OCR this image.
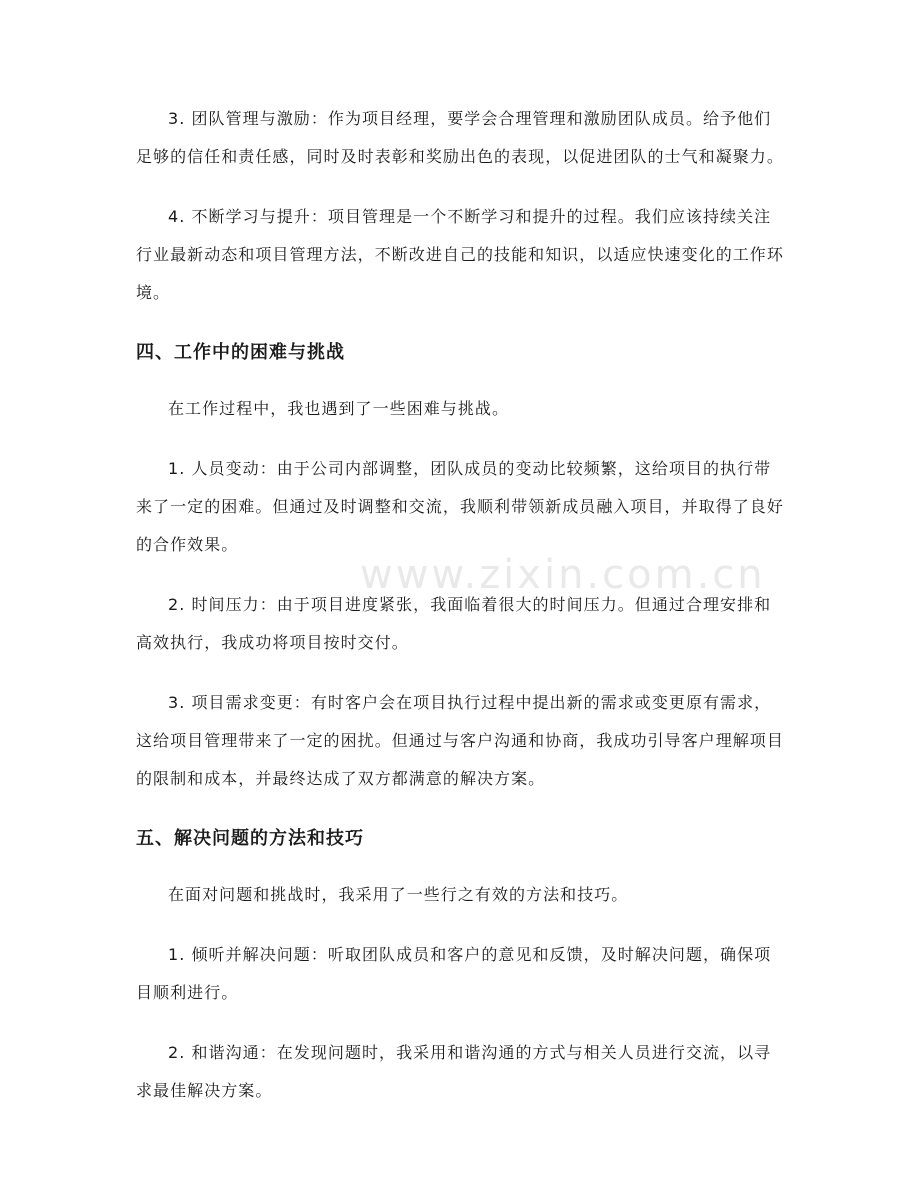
www.zixin.com.cn

3. 团队管理与激励：作为项目经理，要学会合理管理和激励团队成员。给予他们足够的信任和责任感，同时及时表彰和奖励出色的表现，以促进团队的士气和凝聚力。

4. 不断学习与提升：项目管理是一个不断学习和提升的过程。我们应该持续关注行业最新动态和项目管理方法，不断改进自己的技能和知识，以适应快速变化的工作环境。

四、工作中的困难与挑战

在工作过程中，我也遇到了一些困难与挑战。

1. 人员变动：由于公司内部调整，团队成员的变动比较频繁，这给项目的执行带来了一定的困难。但通过及时调整和交流，我顺利带领新成员融入项目，并取得了良好的合作效果。

2. 时间压力：由于项目进度紧张，我面临着很大的时间压力。但通过合理安排和高效执行，我成功将项目按时交付。

3. 项目需求变更：有时客户会在项目执行过程中提出新的需求或变更原有需求，这给项目管理带来了一定的困扰。但通过与客户沟通和协商，我成功引导客户理解项目的限制和成本，并最终达成了双方都满意的解决方案。

五、解决问题的方法和技巧

在面对问题和挑战时，我采用了一些行之有效的方法和技巧。

1. 倾听并解决问题：听取团队成员和客户的意见和反馈，及时解决问题，确保项目顺利进行。

2. 和谐沟通：在发现问题时，我采用和谐沟通的方式与相关人员进行交流，以寻求最佳解决方案。
